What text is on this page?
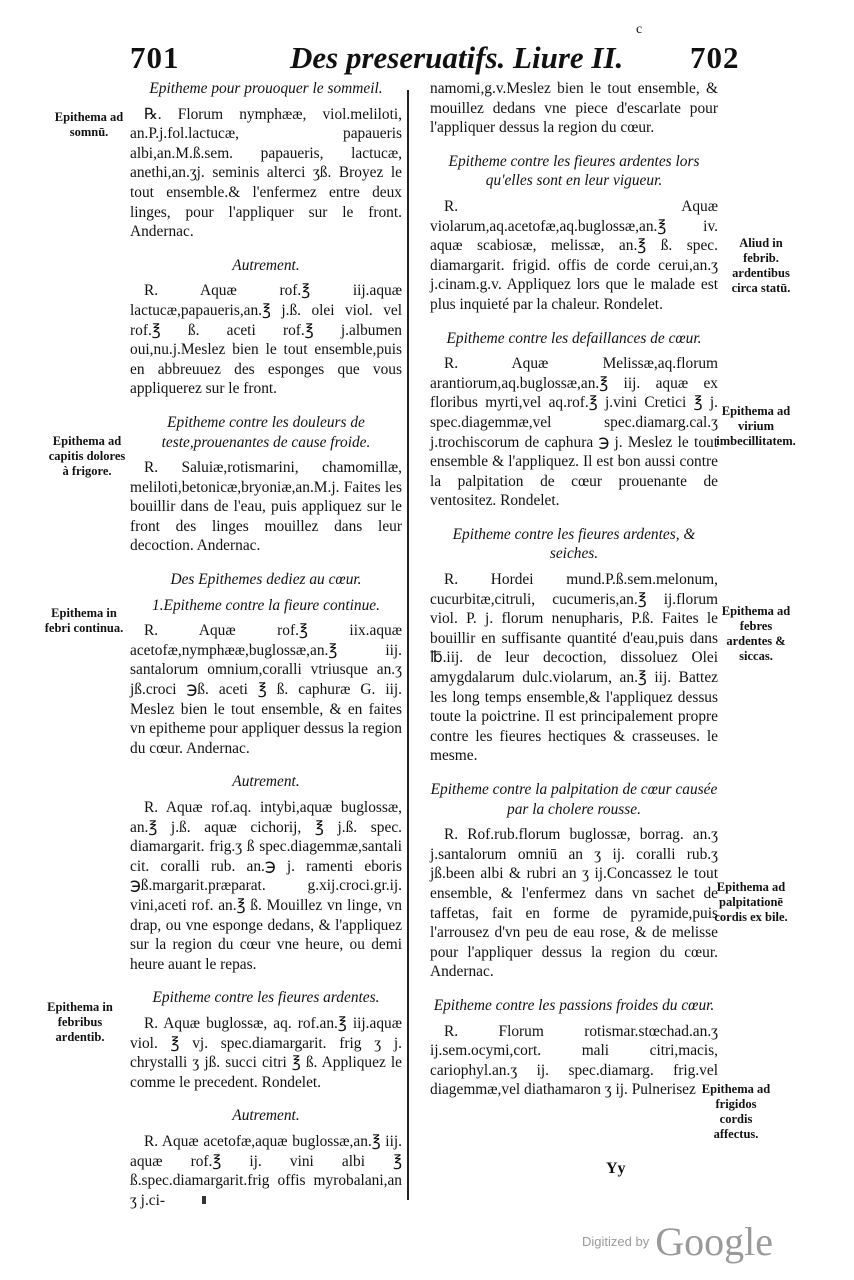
701	Des preseruatifs. Liure II.	702
c
Epitheme pour prouoquer le sommeil.

℞. Florum nymphææ, viol.meliloti, an.P.j.fol.lactucæ, papaueris albi,an.M.ß.sem. papaueris, lactucæ, anethi,an.ʒj. seminis alterci ʒß. Broyez le tout ensemble.& l'enfermez entre deux linges, pour l'appliquer sur le front. Andernac.

Autrement.

R. Aquæ rof.℥ iij.aquæ lactucæ,papaueris,an.℥ j.ß. olei viol. vel rof.℥ ß. aceti rof.℥ j.albumen oui,nu.j.Meslez bien le tout ensemble,puis en abbreuuez des esponges que vous appliquerez sur le front.

Epitheme contre les douleurs de teste,prouenantes de cause froide.

R. Saluiæ,rotismarini, chamomillæ, meliloti,betonicæ,bryoniæ,an.M.j. Faites les bouillir dans de l'eau, puis appliquez sur le front des linges mouillez dans leur decoction. Andernac.

Des Epithemes dediez au cœur.
1.Epitheme contre la fieure continue.

R. Aquæ rof.℥ iix.aquæ acetofæ,nymphææ,buglossæ,an.℥ iij. santalorum omnium,coralli vtriusque an.ʒ jß.croci ℈ß. aceti ℥ ß. caphuræ G. iij. Meslez bien le tout ensemble, & en faites vn epitheme pour appliquer dessus la region du cœur. Andernac.

Autrement.

R. Aquæ rof.aq. intybi,aquæ buglossæ, an.℥ j.ß. aquæ cichorij, ℥ j.ß. spec. diamargarit. frig.ʒ ß spec.diagemmæ,santali cit. coralli rub. an.℈ j. ramenti eboris ℈ß.margarit.præparat. g.xij.croci.gr.ij. vini,aceti rof. an.℥ ß. Mouillez vn linge, vn drap, ou vne esponge dedans, & l'appliquez sur la region du cœur vne heure, ou demi heure auant le repas.

Epitheme contre les fieures ardentes.

R. Aquæ buglossæ, aq. rof.an.℥ iij.aquæ viol. ℥ vj. spec.diamargarit. frig ʒ j. chrystalli ʒ jß. succi citri ℥ ß. Appliquez le comme le precedent. Rondelet.

Autrement.

R. Aquæ acetofæ,aquæ buglossæ,an.℥ iij. aquæ rof.℥ ij. vini albi ℥ ß.spec.diamargarit.frig offis myrobalani,an ʒ j.ci-

namomi,g.v.Meslez bien le tout ensemble, & mouillez dedans vne piece d'escarlate pour l'appliquer dessus la region du cœur.

Epitheme contre les fieures ardentes lors qu'elles sont en leur vigueur.

R. Aquæ violarum,aq.acetofæ,aq.buglossæ,an.℥ iv. aquæ scabiosæ, melissæ, an.℥ ß. spec. diamargarit. frigid. offis de corde cerui,an.ʒ j.cinam.g.v. Appliquez lors que le malade est plus inquieté par la chaleur. Rondelet.

Epitheme contre les defaillances de cœur.

R. Aquæ Melissæ,aq.florum arantiorum,aq.buglossæ,an.℥ iij. aquæ ex floribus myrti,vel aq.rof.℥ j.vini Cretici ℥ j. spec.diagemmæ,vel spec.diamarg.cal.ʒ j.trochiscorum de caphura ℈ j. Meslez le tout ensemble & l'appliquez. Il est bon aussi contre la palpitation de cœur prouenante de ventositez. Rondelet.

Epitheme contre les fieures ardentes, & seiches.

R. Hordei mund.P.ß.sem.melonum, cucurbitæ,citruli, cucumeris,an.℥ ij.florum viol. P. j. florum nenupharis, P.ß. Faites le bouillir en suffisante quantité d'eau,puis dans ℔.iij. de leur decoction, dissoluez Olei amygdalarum dulc.violarum, an.℥ iij. Battez les long temps ensemble,& l'appliquez dessus toute la poictrine. Il est principalement propre contre les fieures hectiques & crasseuses. le mesme.

Epitheme contre la palpitation de cœur causée par la cholere rousse.

R. Rof.rub.florum buglossæ, borrag. an.ʒ j.santalorum omniū an ʒ ij. coralli rub.ʒ jß.been albi & rubri an ʒ ij.Concassez le tout ensemble, & l'enfermez dans vn sachet de taffetas, fait en forme de pyramide,puis l'arrousez d'vn peu de eau rose, & de melisse pour l'appliquer dessus la region du cœur. Andernac.

Epitheme contre les passions froides du cœur.

R. Florum rotismar.stœchad.an.ʒ ij.sem.ocymi,cort. mali citri,macis, cariophyl.an.ʒ ij. spec.diamarg. frig.vel diagemmæ,vel diathamaron ʒ ij. Pulnerisez

Epithema ad somnū.
Epithema ad capitis dolores à frigore.
Epithema in febri continua.
Epithema in febribus ardentib.
Aliud in febrib. ardentibus circa statū.
Epithema ad virium imbecillitatem.
Epithema ad febres ardentes & siccas.
Epithema ad palpitationē cordis ex bile.
Epithema ad frigidos cordis affectus.
Yy
Digitized by Google
